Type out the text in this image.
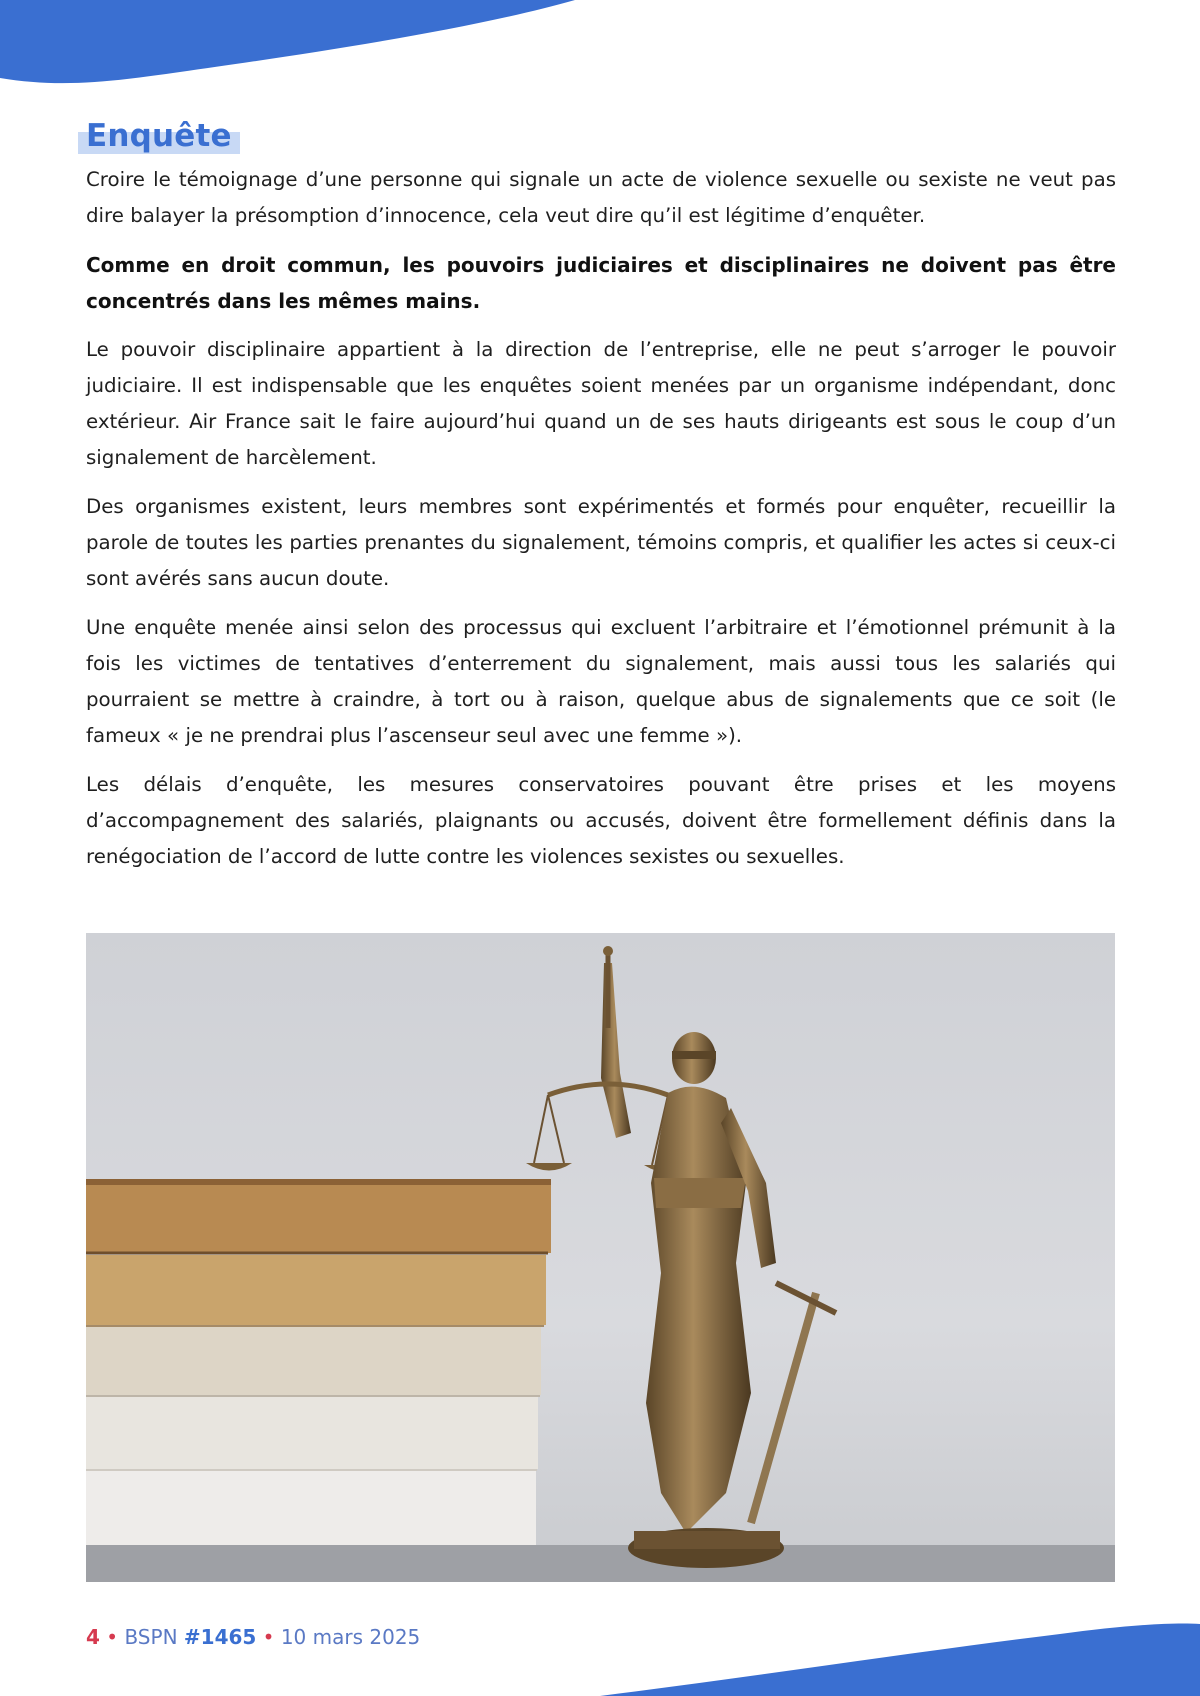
Enquête

Croire le témoignage d’une personne qui signale un acte de violence sexuelle ou sexiste ne veut pas dire balayer la présomption d’innocence, cela veut dire qu’il est légitime d’enquêter.

Comme en droit commun, les pouvoirs judiciaires et disciplinaires ne doivent pas être concentrés dans les mêmes mains.

Le pouvoir disciplinaire appartient à la direction de l’entreprise, elle ne peut s’arroger le pouvoir judiciaire. Il est indispensable que les enquêtes soient menées par un organisme indépendant, donc extérieur. Air France sait le faire aujourd’hui quand un de ses hauts dirigeants est sous le coup d’un signalement de harcèlement.

Des organismes existent, leurs membres sont expérimentés et formés pour enquêter, recueillir la parole de toutes les parties prenantes du signalement, témoins compris, et qualifier les actes si ceux-ci sont avérés sans aucun doute.

Une enquête menée ainsi selon des processus qui excluent l’arbitraire et l’émotionnel prémunit à la fois les victimes de tentatives d’enterrement du signalement, mais aussi tous les salariés qui pourraient se mettre à craindre, à tort ou à raison, quelque abus de signalements que ce soit (le fameux « je ne prendrai plus l’ascenseur seul avec une femme »).

Les délais d’enquête, les mesures conservatoires pouvant être prises et les moyens d’accompagnement des salariés, plaignants ou accusés, doivent être formellement définis dans la renégociation de l’accord de lutte contre les violences sexistes ou sexuelles.

4 • BSPN #1465 • 10 mars 2025
